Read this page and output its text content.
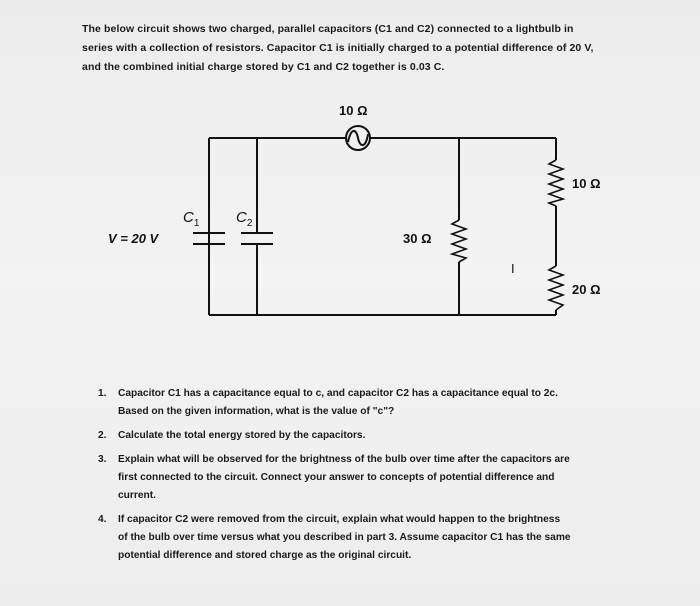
The below circuit shows two charged, parallel capacitors (C1 and C2) connected to a lightbulb in
series with a collection of resistors. Capacitor C1 is initially charged to a potential difference of 20 V,
and the combined initial charge stored by C1 and C2 together is 0.03 C.
10 Ω
10 Ω
20 Ω
30 Ω
V = 20 V
$C_1$ $C_2$
I
1. Capacitor C1 has a capacitance equal to c, and capacitor C2 has a capacitance equal to 2c.
Based on the given information, what is the value of "c"?
2. Calculate the total energy stored by the capacitors.
3. Explain what will be observed for the brightness of the bulb over time after the capacitors are
first connected to the circuit. Connect your answer to concepts of potential difference and
current.
4. If capacitor C2 were removed from the circuit, explain what would happen to the brightness
of the bulb over time versus what you described in part 3. Assume capacitor C1 has the same
potential difference and stored charge as the original circuit.
